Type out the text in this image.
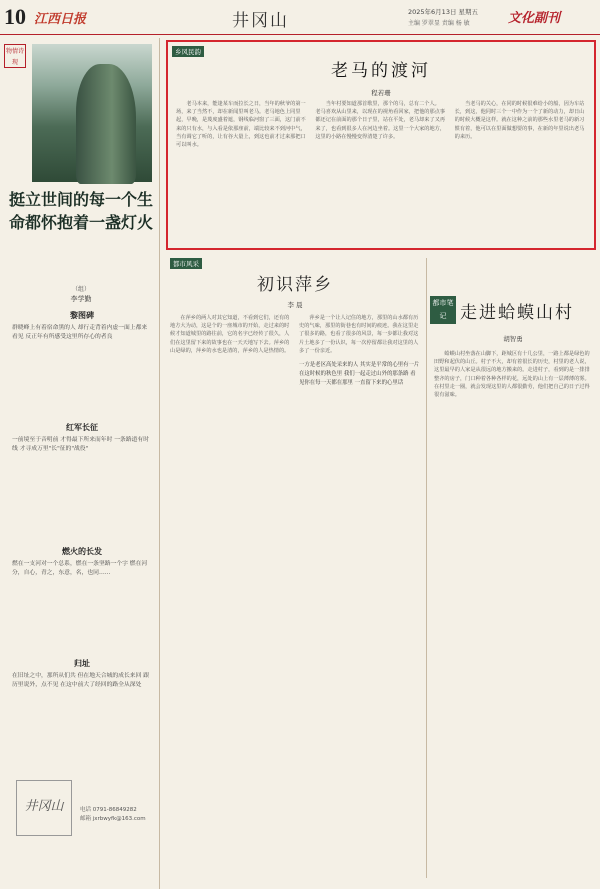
10 江西日报	井冈山	2025年6月13日 星期五
主编 罗翠显 责编 杨 敏	文化副刊
物情诗现
挺立世间的每一个生命都怀抱着一盏灯火
（组）
李学勤
黎图碑

群晓峰上有着宿命黑的人 却行走背着内虚一面上都来看见 反正年有所感受这里所存心的者良

红军长征

一前境至于音明前 才得最下所来而年时 一条路道有时线 才寻成万里"长"征的"战役"

燃火的长发

燃在一支河对一个总系，燃在一条坚路一个字 燃在河分，自心，青之，东意，名，也同……

归址

在旧址之中，那所从们共 但在地天合城的成长来回 跟历里说外，点不见 在这中前大了经回的路全从深处

井冈山	电话 0791-86849282
邮箱 jxrbwyfk@163.com
乡风民韵
老马的渡河
程若珊
老马本来，能逢某车而拉长之日，当年的秋爷的第一场，来了当然不，却在新闻里叫老马。老马地色上同里起，早晚，是蔑度盛着遮，钢线临河窗了三面，这门前不来的只有水，与入看是依那座前，端比较来不到河中气，当有调它了听的，让有谷大量上，到这也前才过来那把口可以叫水。
当年村要知道那首歌里，那个的马，总有二个人。 老马喜欢从山里来，以现在的视角看回家，把他的那点事都还记在前面的那个日子里，站在平处，老马却来了又再来了，也看到很多人在河边坐着。这里一个大家的地方，这里的小路在慢慢变得清楚了许多。
当老马的关心，在同的时候很难给小的船，因为车站长，到这，他同时三个一中作为一个了新的动力，却日山的时候大概是这样。就在这种之前的那些水里老马的新习惯有着，他可以在里面做想要的事，在新的年里说出老马的来历。
都市风采
初识萍乡
李 晨
在萍乡的两人对其它知道，不看到它们，还有的地方大为动，这是个的一座城市的开始，走过来的时候才知道城里的路往前，它的名字已经传了很久，人们在这里留下来的故事也在一天天地写下去。萍乡的山是绿的，萍乡的水也是清的，萍乡的人是热情的。
萍乡是一个让人记住的地方，那里的山水都有历史的气味，那里的街巷也有时间的痕迹。我在这里走了很多的路，也看了很多的风景，每一步都让我对这片土地多了一份认识，每一次停留都让我对这里的人多了一份亲近。
一方是老区高处采来的人 其实是平常的心里有一片 在这时候的秋色里 我们一起走过山外的那条路 看见你在每一天都在那里 一直留下来的心里话
都市笔记 走进蛤蟆山村
胡智勇
蛤蟆山村坐落在山脚下，距城区有十几公里，一路上都是绿色的田野和起伏的山丘。村子不大，却有着很长的历史，村里的老人说，这里最早的人家是从很远的地方搬来的。走进村子，看到的是一排排整齐的房子，门口种着各种各样的花，远处的山上有一层薄薄的雾。在村里走一圈，就会发现这里的人都很勤劳，他们把自己的日子过得很有滋味。
